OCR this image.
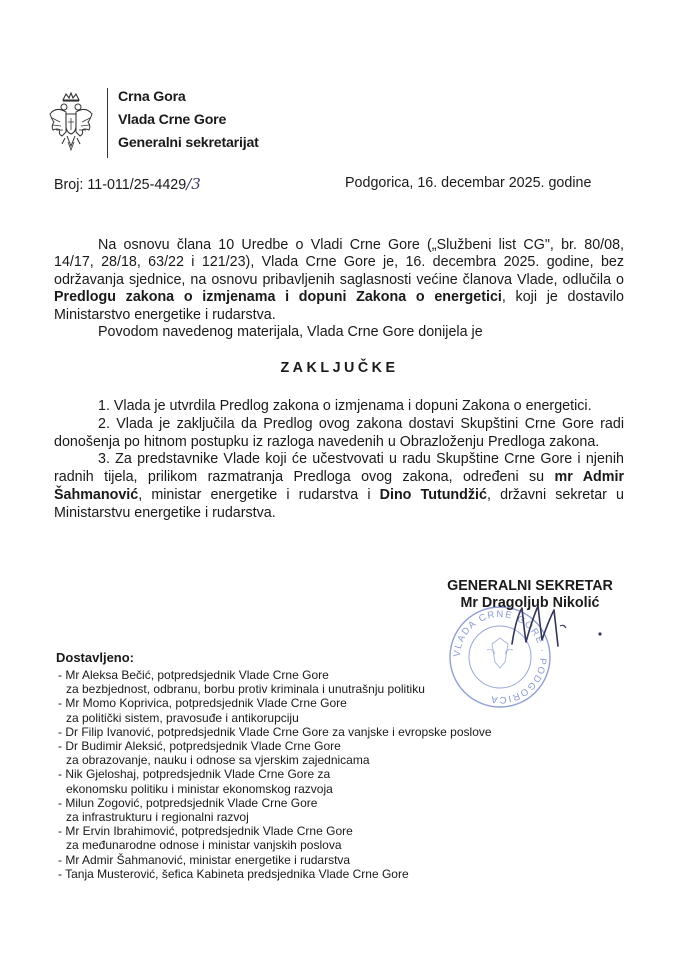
Crna Gora
Vlada Crne Gore
Generalni sekretarijat
Broj: 11-011/25-4429/3	Podgorica, 16. decembar 2025. godine

Na osnovu člana 10 Uredbe o Vladi Crne Gore („Službeni list CG", br. 80/08, 14/17, 28/18, 63/22 i 121/23), Vlada Crne Gore je, 16. decembra 2025. godine, bez održavanja sjednice, na osnovu pribavljenih saglasnosti većine članova Vlade, odlučila o Predlogu zakona o izmjenama i dopuni Zakona o energetici, koji je dostavilo Ministarstvo energetike i rudarstva.

Povodom navedenog materijala, Vlada Crne Gore donijela je

ZAKLJUČKE

1. Vlada je utvrdila Predlog zakona o izmjenama i dopuni Zakona o energetici.

2. Vlada je zaključila da Predlog ovog zakona dostavi Skupštini Crne Gore radi donošenja po hitnom postupku iz razloga navedenih u Obrazloženju Predloga zakona.

3. Za predstavnike Vlade koji će učestvovati u radu Skupštine Crne Gore i njenih radnih tijela, prilikom razmatranja Predloga ovog zakona, određeni su mr Admir Šahmanović, ministar energetike i rudarstva i Dino Tutundžić, državni sekretar u Ministarstvu energetike i rudarstva.

VLADA CRNE GORE · PODGORICA
GENERALNI SEKRETAR
Mr Dragoljub Nikolić
Dostavljeno:
- Mr Aleksa Bečić, potpredsjednik Vlade Crne Gore
za bezbjednost, odbranu, borbu protiv kriminala i unutrašnju politiku
- Mr Momo Koprivica, potpredsjednik Vlade Crne Gore
za politički sistem, pravosuđe i antikorupciju
- Dr Filip Ivanović, potpredsjednik Vlade Crne Gore za vanjske i evropske poslove
- Dr Budimir Aleksić, potpredsjednik Vlade Crne Gore
za obrazovanje, nauku i odnose sa vjerskim zajednicama
- Nik Gjeloshaj, potpredsjednik Vlade Crne Gore za
ekonomsku politiku i ministar ekonomskog razvoja
- Milun Zogović, potpredsjednik Vlade Crne Gore
za infrastrukturu i regionalni razvoj
- Mr Ervin Ibrahimović, potpredsjednik Vlade Crne Gore
za međunarodne odnose i ministar vanjskih poslova
- Mr Admir Šahmanović, ministar energetike i rudarstva
- Tanja Musterović, šefica Kabineta predsjednika Vlade Crne Gore
